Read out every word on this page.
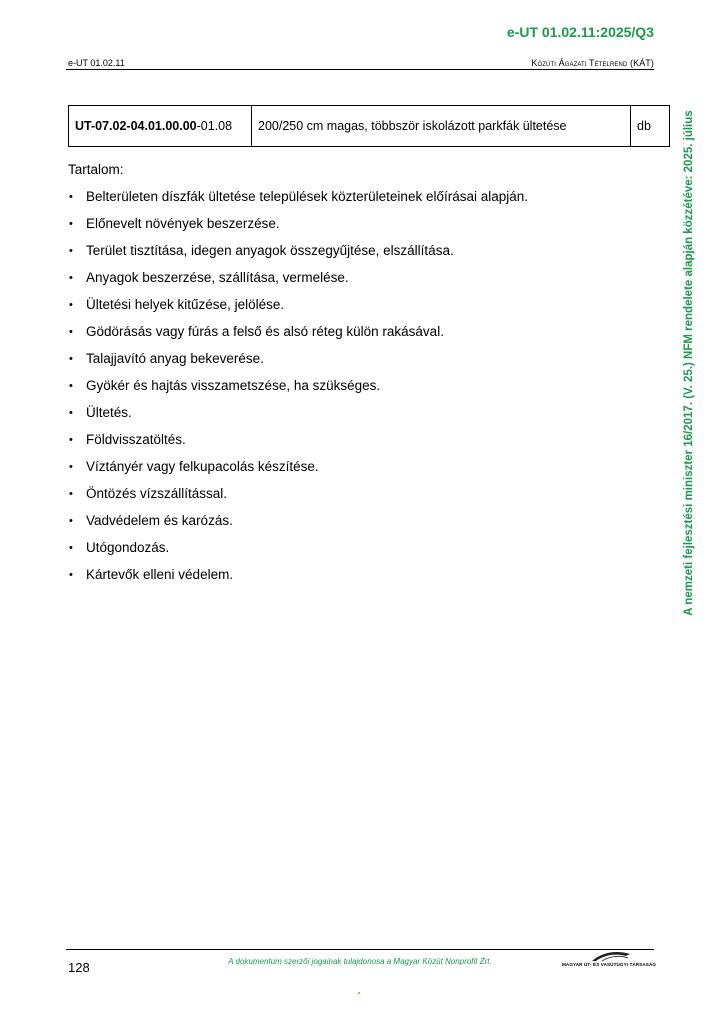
e-UT 01.02.11:2025/Q3
e-UT 01.02.11	Közúti Ágazati Tételrend (KÁT)
UT-07.02-04.01.00.00-01.08	200/250 cm magas, többször iskolázott parkfák ültetése	db
Tartalom:
• Belterületen díszfák ültetése települések közterületeinek előírásai alapján.
• Előnevelt növények beszerzése.
• Terület tisztítása, idegen anyagok összegyűjtése, elszállítása.
• Anyagok beszerzése, szállítása, vermelése.
• Ültetési helyek kitűzése, jelölése.
• Gödörásás vagy fúrás a felső és alsó réteg külön rakásával.
• Talajjavító anyag bekeverése.
• Gyökér és hajtás visszametszése, ha szükséges.
• Ültetés.
• Földvisszatöltés.
• Víztányér vagy felkupacolás készítése.
• Öntözés vízszállítással.
• Vadvédelem és karózás.
• Utógondozás.
• Kártevők elleni védelem.	A nemzeti fejlesztési miniszter 16/2017. (V. 25.) NFM rendelete alapján közzétéve: 2025. július
128	A dokumentum szerzői jogainak tulajdonosa a Magyar Közút Nonprofit Zrt.	MAGYAR ÚT- ÉS VASÚTÜGYI TÁRSASÁG
